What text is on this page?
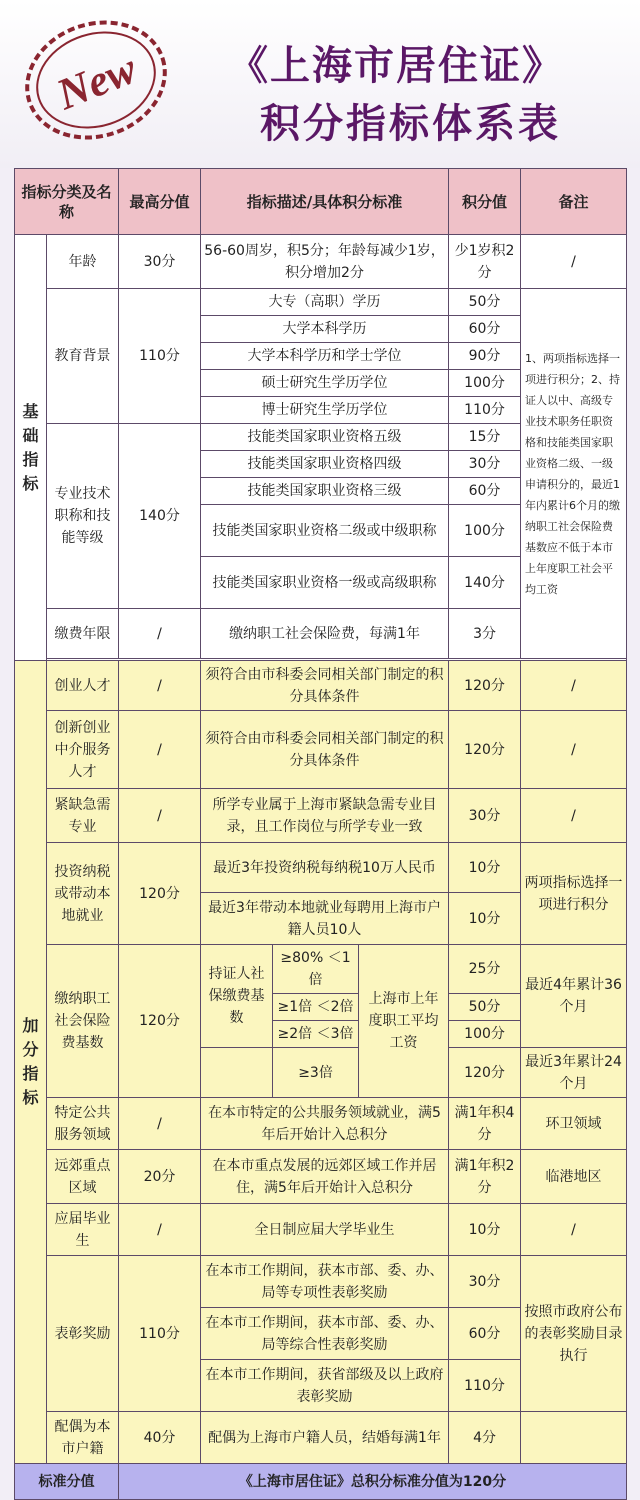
New 《上海市居住证》
积分指标体系表
指标分类及名称		最高分值	指标描述/具体积分标准			积分值	备注	
基础指标	年龄	30分	56-60周岁，积5分；年龄每减少1岁，积分增加2分			少1岁积2分	/	
	教育背景	110分	大专（高职）学历			50分	1、两项指标选择一项进行积分；2、持证人以中、高级专业技术职务任职资格和技能类国家职业资格二级、一级申请积分的，最近1年内累计6个月的缴纳职工社会保险费基数应不低于本市上年度职工社会平均工资	
			大学本科学历			60分		
			大学本科学历和学士学位			90分		
			硕士研究生学历学位			100分		
			博士研究生学历学位			110分		
	专业技术职称和技能等级	140分	技能类国家职业资格五级			15分		
			技能类国家职业资格四级			30分		
			技能类国家职业资格三级			60分		
			技能类国家职业资格二级或中级职称			100分		
			技能类国家职业资格一级或高级职称			140分		
	缴费年限	/	缴纳职工社会保险费，每满1年			3分		

加分指标	创业人才	/	须符合由市科委会同相关部门制定的积分具体条件			120分	/	
	创新创业中介服务人才	/	须符合由市科委会同相关部门制定的积分具体条件			120分	/	
	紧缺急需专业	/	所学专业属于上海市紧缺急需专业目录，且工作岗位与所学专业一致			30分	/	
	投资纳税或带动本地就业	120分	最近3年投资纳税每纳税10万人民币			10分	两项指标选择一项进行积分	
			最近3年带动本地就业每聘用上海市户籍人员10人			10分		
	缴纳职工社会保险费基数	120分	持证人社保缴费基数	≥80% ＜1倍	上海市上年度职工平均工资	25分	最近4年累计36个月	
				≥1倍 ＜2倍		50分		
				≥2倍 ＜3倍		100分		
				≥3倍		120分	最近3年累计24个月	
	特定公共服务领域	/	在本市特定的公共服务领域就业，满5年后开始计入总积分			满1年积4分	环卫领域	
	远郊重点区域	20分	在本市重点发展的远郊区域工作并居住，满5年后开始计入总积分			满1年积2分	临港地区	
	应届毕业生	/	全日制应届大学毕业生			10分	/	
	表彰奖励	110分	在本市工作期间，获本市部、委、办、局等专项性表彰奖励			30分	按照市政府公布的表彰奖励目录执行	
			在本市工作期间，获本市部、委、办、局等综合性表彰奖励			60分		
			在本市工作期间，获省部级及以上政府表彰奖励			110分		
	配偶为本市户籍	40分	配偶为上海市户籍人员，结婚每满1年			4分		
标准分值		《上海市居住证》总积分标准分值为120分						
